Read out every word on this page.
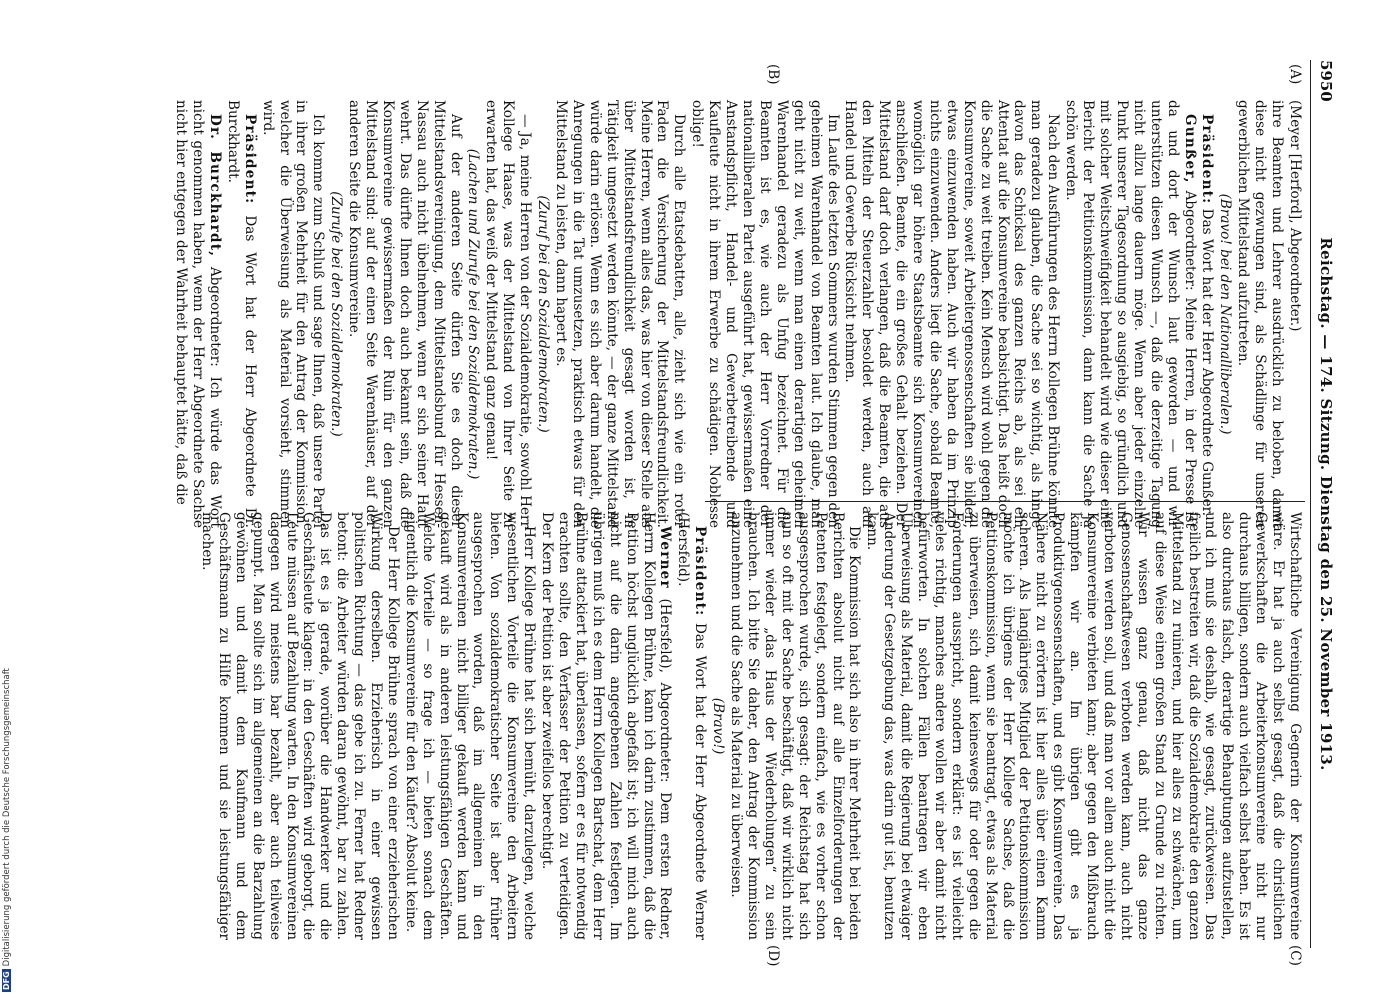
DFGDigitalisierung gefördert durch die Deutsche Forschungsgemeinschaft
5950
Reichstag. — 174. Sitzung. Dienstag den 25. November 1913.
(A)
(B)
(C)
(D)

(Meyer [Herford], Abgeordneter.)

ihre Beamten und Lehrer ausdrücklich zu beloben, damit diese nicht gezwungen sind, als Schädlinge für unseren gewerblichen Mittelstand aufzutreten.

(Bravo! bei den Nationalliberalen.)

Präsident: Das Wort hat der Herr Abgeordnete Gunßer.

Gunßer, Abgeordneter: Meine Herren, in der Presse ist da und dort der Wunsch laut geworden — und wir unterstützen diesen Wunsch —, daß die derzeitige Tagung nicht allzu lange dauern möge. Wenn aber jeder einzelne Punkt unserer Tagesordnung so ausgiebig, so gründlich und mit solcher Weitschweifigkeit behandelt wird wie dieser eine Bericht der Petitionskommission, dann kann die Sache ja schön werden.

Nach den Ausführungen des Herrn Kollegen Brühne könnte man geradezu glauben, die Sache sei so wichtig, als hinge davon das Schicksal des ganzen Reichs ab, als sei ein Attentat auf die Konsumvereine beabsichtigt. Das heißt doch die Sache zu weit treiben. Kein Mensch wird wohl gegen die Konsumvereine, soweit Arbeitergenossenschaften sie bilden, etwas einzuwenden haben. Auch wir haben da im Prinzip nichts einzuwenden. Anders liegt die Sache, sobald Beamte, womöglich gar höhere Staatsbeamte sich Konsumvereinen anschließen. Beamte, die ein großes Gehalt beziehen. Der Mittelstand darf doch verlangen, daß die Beamten, die aus den Mitteln der Steuerzahler besoldet werden, auch auf Handel und Gewerbe Rücksicht nehmen.

Im Laufe des letzten Sommers wurden Stimmen gegen den geheimen Warenhandel von Beamten laut. Ich glaube, man geht nicht zu weit, wenn man einen derartigen geheimen Warenhandel geradezu als Unfug bezeichnet. Für die Beamten ist es, wie auch der Herr Vorredner der nationalliberalen Partei ausgeführt hat, gewissermaßen eine Anstandspflicht, Handel- und Gewerbetreibende und Kaufleute nicht in ihrem Erwerbe zu schädigen. Noblesse oblige!

Durch alle Etatsdebatten, alle, zieht sich wie ein roter Faden die Versicherung der Mittelstandsfreundlichkeit. Meine Herren, wenn alles das, was hier von dieser Stelle aus über Mittelstandsfreundlichkeit gesagt worden ist, in Tätigkeit umgesetzt werden könnte, — der ganze Mittelstand würde darin erlösen. Wenn es sich aber darum handelt, die Anregungen in die Tat umzusetzen, praktisch etwas für den Mittelstand zu leisten, dann hapert es.

(Zuruf bei den Sozialdemokraten.)

— Ja, meine Herren von der Sozialdemokratie, sowohl Herr Kollege Haase, was der Mittelstand von Ihrer Seite zu erwarten hat, das weiß der Mittelstand ganz genau!

(Lachen und Zurufe bei den Sozialdemokraten.)

Auf der anderen Seite dürfen Sie es doch dieser Mittelstandsvereinigung, dem Mittelstandsbund für Hessen-Nassau auch nicht übelnehmen, wenn er sich seiner Haut wehrt. Das dürfte Ihnen doch auch bekannt sein, daß die Konsumvereine gewissermaßen der Ruin für den ganzen Mittelstand sind: auf der einen Seite Warenhäuser, auf der anderen Seite die Konsumvereine.

(Zurufe bei den Sozialdemokraten.)

Ich komme zum Schluß und sage Ihnen, daß unsere Partei in ihrer großen Mehrheit für den Antrag der Kommission, welcher die Überweisung als Material vorsieht, stimmen wird.

Präsident: Das Wort hat der Herr Abgeordnete Dr. Burckhardt.

Dr. Burckhardt, Abgeordneter: Ich würde das Wort nicht genommen haben, wenn der Herr Abgeordnete Sachse nicht hier entgegen der Wahrheit behauptet hätte, daß die

Wirtschaftliche Vereinigung Gegnerin der Konsumvereine wäre. Er hat ja auch selbst gesagt, daß die christlichen Gewerkschaften die Arbeiterkonsumvereine nicht nur durchaus billigen, sondern auch vielfach selbst haben. Es ist also durchaus falsch, derartige Behauptungen aufzustellen, und ich muß sie deshalb, wie gesagt, zurückweisen. Das freilich bestreiten wir, daß die Sozialdemokratie den ganzen Mittelstand zu ruinieren, und hier alles zu schwächen, um auf diese Weise einen großen Stand zu Grunde zu richten. Wir wissen ganz genau, daß nicht das ganze Genossenschaftswesen verboten werden kann, auch nicht verboten werden soll, und daß man vor allem auch nicht die Konsumvereine verbieten kann; aber gegen den Mißbrauch kämpfen wir an. Im übrigen gibt es ja Produktivgenossenschaften, und es gibt Konsumvereine. Das Nähere nicht zu erörtern ist hier alles über einen Kamm scheren. Als langjähriges Mitglied der Petitionskommission möchte ich übrigens der Herr Kollege Sachse, daß die Petitionskommission, wenn sie beantragt, etwas als Material zu überweisen, sich damit keineswegs für oder gegen die Forderungen ausspricht, sondern erklärt: es ist vielleicht vieles richtig, manches andere wollen wir aber damit nicht befürworten. In solchen Fällen beantragen wir eben Überweisung als Material, damit die Regierung bei etwaiger Änderung der Gesetzgebung das, was darin gut ist, benutzen kann.

Die Kommission hat sich also in ihrer Mehrheit bei beiden Berichten absolut nicht auf alle Einzelforderungen der Petenten festgelegt, sondern einfach, wie es vorher schon ausgesprochen wurde, sich gesagt: der Reichstag hat sich nun so oft mit der Sache beschäftigt, daß wir wirklich nicht immer wieder „das Haus der Wiederholungen“ zu sein brauchen. Ich bitte Sie daher, den Antrag der Kommission anzunehmen und die Sache als Material zu überweisen.

(Bravo!)

Präsident: Das Wort hat der Herr Abgeordnete Werner (Hersfeld).

Werner (Hersfeld), Abgeordneter: Dem ersten Redner, Herrn Kollegen Brühne, kann ich darin zustimmen, daß die Petition höchst unglücklich abgefaßt ist; ich will mich auch nicht auf die darin angegebenen Zahlen festlegen. Im übrigen muß ich es dem Herrn Kollegen Bartschat, dem Herr Brühne attackiert hat, überlassen, sofern er es für notwendig erachten sollte, den Verfasser der Petition zu verteidigen. Der Kern der Petition ist aber zweifellos berechtigt.

Herr Kollege Brühne hat sich bemüht, darzulegen, welche wesentlichen Vorteile die Konsumvereine den Arbeitern bieten. Von sozialdemokratischer Seite ist aber früher ausgesprochen worden, daß im allgemeinen in den Konsumvereinen nicht billiger gekauft werden kann und gekauft wird als in anderen leistungsfähigen Geschäften. Welche Vorteile — so frage ich — bieten sonach dem eigentlich die Konsumvereine für den Käufer? Absolut keine.

Der Herr Kollege Brühne sprach von einer erzieherischen Wirkung derselben. Erzieherisch in einer gewissen politischen Richtung — das gebe ich zu. Ferner hat Redner betont: die Arbeiter würden daran gewöhnt, bar zu zahlen. Das ist es ja gerade, worüber die Handwerker und die Geschäftsleute klagen: in den Geschäften wird geborgt, die Leute müssen auf Bezahlung warten. In den Konsumvereinen dagegen wird meistens bar bezahlt, aber auch teilweise gepumpt. Man sollte sich im allgemeinen an die Barzahlung gewöhnen und damit dem Kaufmann und dem Geschäftsmann zu Hilfe kommen und sie leistungsfähiger machen.
